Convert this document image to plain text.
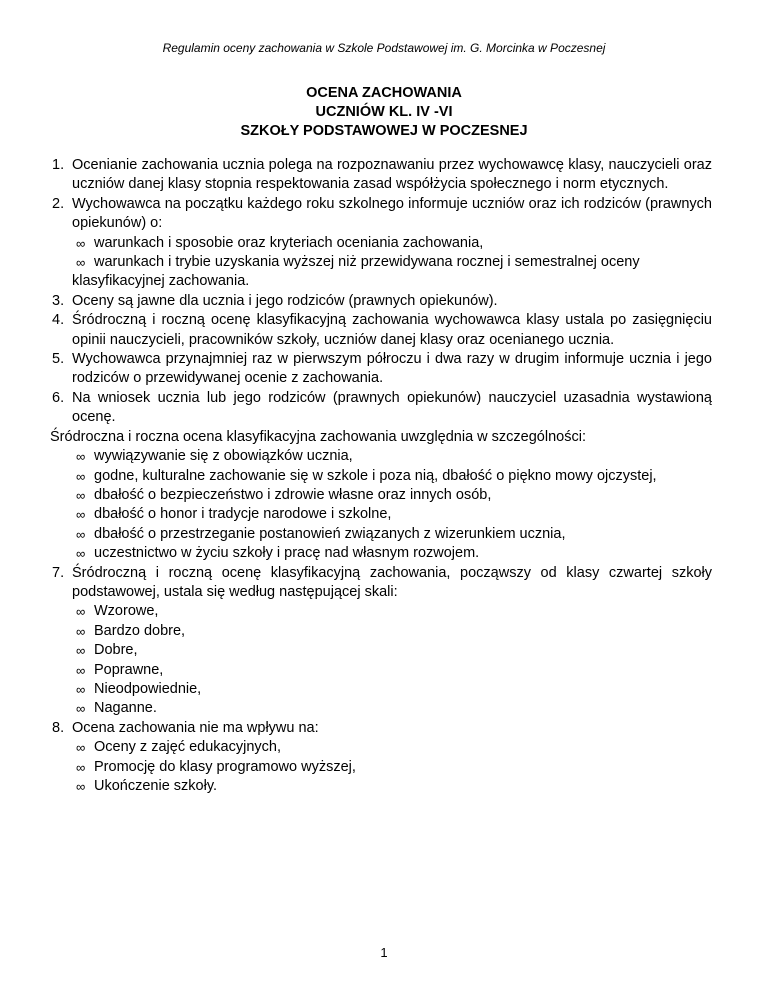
Regulamin oceny zachowania w Szkole Podstawowej im. G. Morcinka w Poczesnej
OCENA ZACHOWANIA
UCZNIÓW KL. IV -VI
SZKOŁY PODSTAWOWEJ W POCZESNEJ
1. Ocenianie zachowania ucznia polega na rozpoznawaniu przez wychowawcę klasy, nauczycieli oraz uczniów danej klasy stopnia respektowania zasad współżycia społecznego i norm etycznych.
2. Wychowawca na początku każdego roku szkolnego informuje uczniów oraz ich rodziców (prawnych opiekunów) o:
∞ warunkach i sposobie oraz kryteriach oceniania zachowania,
∞ warunkach i trybie uzyskania wyższej niż przewidywana rocznej i semestralnej oceny
klasyfikacyjnej zachowania.
3. Oceny są jawne dla ucznia i jego rodziców (prawnych opiekunów).
4. Śródroczną i roczną ocenę klasyfikacyjną zachowania wychowawca klasy ustala po zasięgnięciu opinii nauczycieli, pracowników szkoły, uczniów danej klasy oraz ocenianego ucznia.
5. Wychowawca przynajmniej raz w pierwszym półroczu i dwa razy w drugim informuje ucznia i jego rodziców o przewidywanej ocenie z zachowania.
6. Na wniosek ucznia lub jego rodziców (prawnych opiekunów) nauczyciel uzasadnia wystawioną ocenę.
Śródroczna i roczna ocena klasyfikacyjna zachowania uwzględnia w szczególności:
∞ wywiązywanie się z obowiązków ucznia,
∞ godne, kulturalne zachowanie się w szkole i poza nią, dbałość o piękno mowy ojczystej,
∞ dbałość o bezpieczeństwo i zdrowie własne oraz innych osób,
∞ dbałość o honor i tradycje narodowe i szkolne,
∞ dbałość o przestrzeganie postanowień związanych z wizerunkiem ucznia,
∞ uczestnictwo w życiu szkoły i pracę nad własnym rozwojem.
7. Śródroczną i roczną ocenę klasyfikacyjną zachowania, począwszy od klasy czwartej szkoły podstawowej, ustala się według następującej skali:
∞ Wzorowe,
∞ Bardzo dobre,
∞ Dobre,
∞ Poprawne,
∞ Nieodpowiednie,
∞ Naganne.
8. Ocena zachowania nie ma wpływu na:
∞ Oceny z zajęć edukacyjnych,
∞ Promocję do klasy programowo wyższej,
∞ Ukończenie szkoły.
1
